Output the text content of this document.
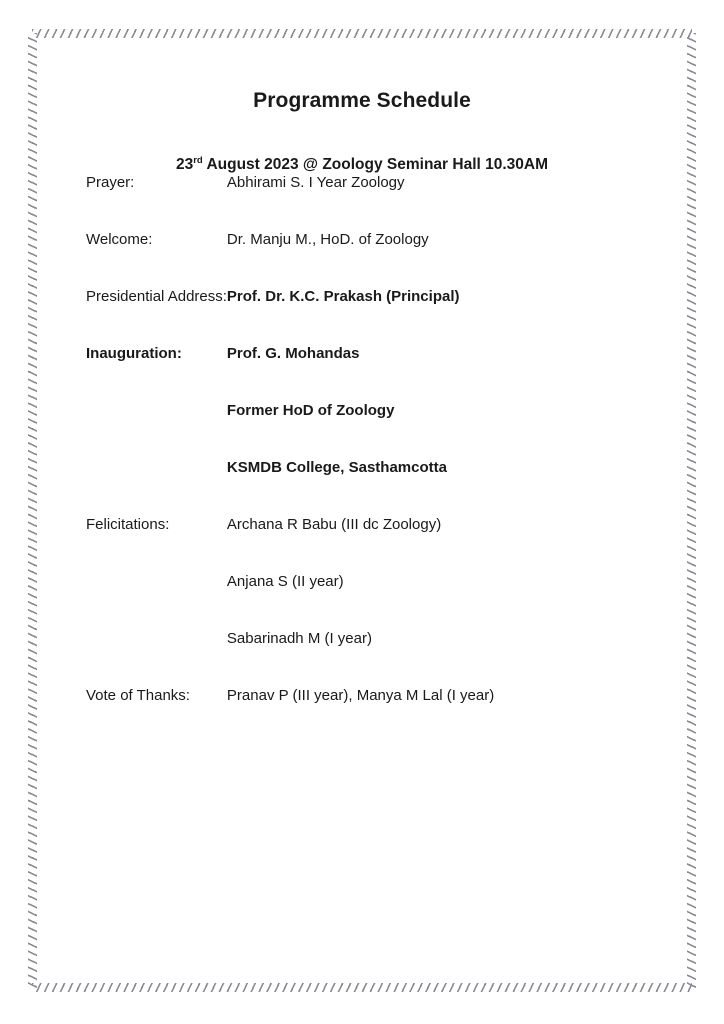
Programme Schedule

23rd August 2023 @ Zoology Seminar Hall 10.30AM

Prayer:	Abhirami S. I Year Zoology
Welcome:	Dr. Manju M., HoD. of Zoology
Presidential Address:	Prof. Dr. K.C. Prakash (Principal)
Inauguration:	Prof. G. Mohandas
	Former HoD of Zoology
	KSMDB College, Sasthamcotta
Felicitations:	Archana R Babu (III dc Zoology)
	Anjana S (II year)
	Sabarinadh M (I year)
Vote of Thanks:	Pranav P (III year), Manya M Lal (I year)
